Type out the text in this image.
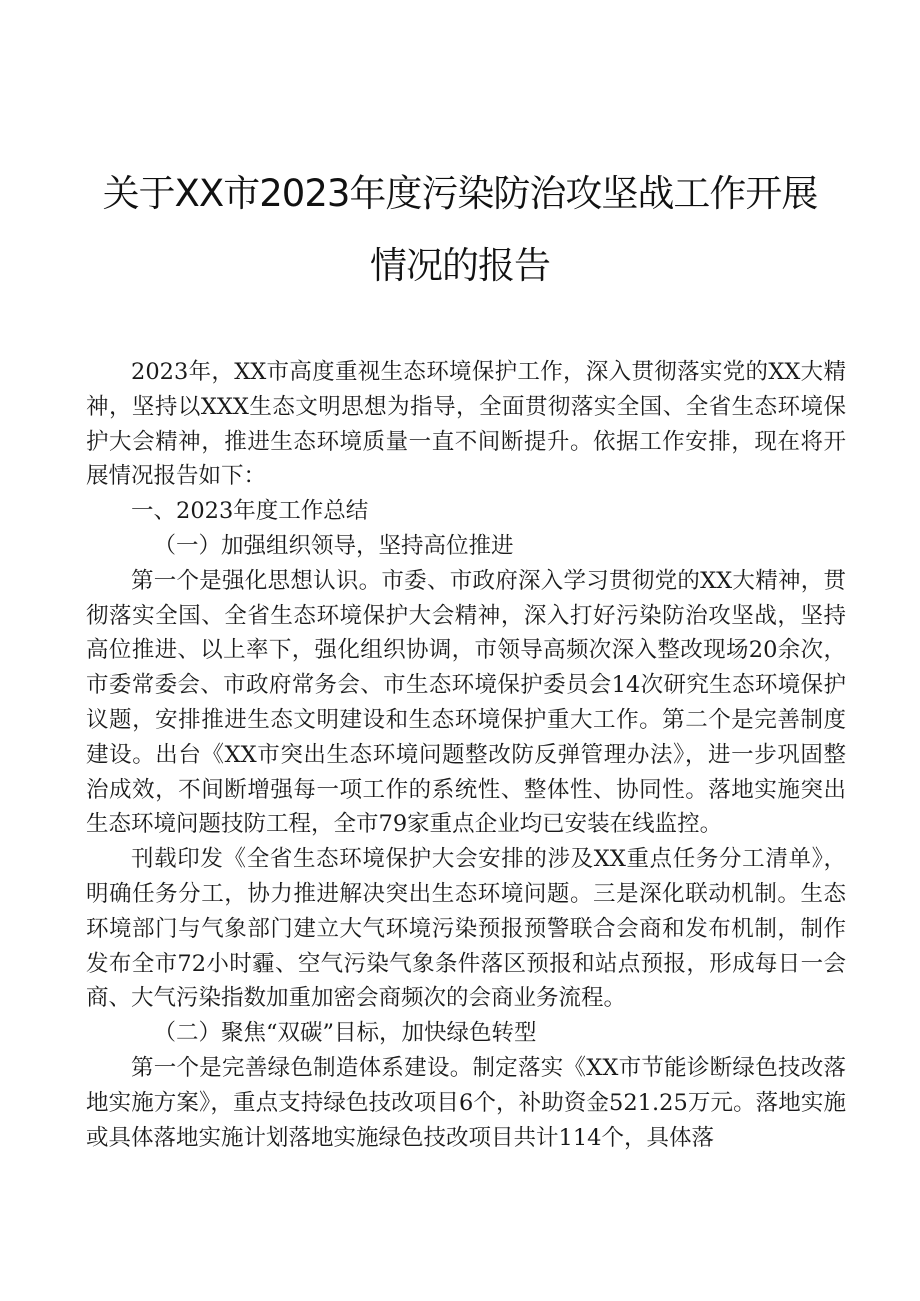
关于XX市2023年度污染防治攻坚战工作开展
情况的报告

2023年，XX市高度重视生态环境保护工作，深入贯彻落实党的XX大精神，坚持以XXX生态文明思想为指导，全面贯彻落实全国、全省生态环境保护大会精神，推进生态环境质量一直不间断提升。依据工作安排，现在将开展情况报告如下：

一、2023年度工作总结

（一）加强组织领导，坚持高位推进

第一个是强化思想认识。市委、市政府深入学习贯彻党的XX大精神，贯彻落实全国、全省生态环境保护大会精神，深入打好污染防治攻坚战，坚持高位推进、以上率下，强化组织协调，市领导高频次深入整改现场20余次，市委常委会、市政府常务会、市生态环境保护委员会14次研究生态环境保护议题，安排推进生态文明建设和生态环境保护重大工作。第二个是完善制度建设。出台《XX市突出生态环境问题整改防反弹管理办法》，进一步巩固整治成效，不间断增强每一项工作的系统性、整体性、协同性。落地实施突出生态环境问题技防工程，全市79家重点企业均已安装在线监控。

刊载印发《全省生态环境保护大会安排的涉及XX重点任务分工清单》，明确任务分工，协力推进解决突出生态环境问题。三是深化联动机制。生态环境部门与气象部门建立大气环境污染预报预警联合会商和发布机制，制作发布全市72小时霾、空气污染气象条件落区预报和站点预报，形成每日一会商、大气污染指数加重加密会商频次的会商业务流程。

（二）聚焦“双碳”目标，加快绿色转型

第一个是完善绿色制造体系建设。制定落实《XX市节能诊断绿色技改落地实施方案》，重点支持绿色技改项目6个，补助资金521.25万元。落地实施或具体落地实施计划落地实施绿色技改项目共计114个，具体落
